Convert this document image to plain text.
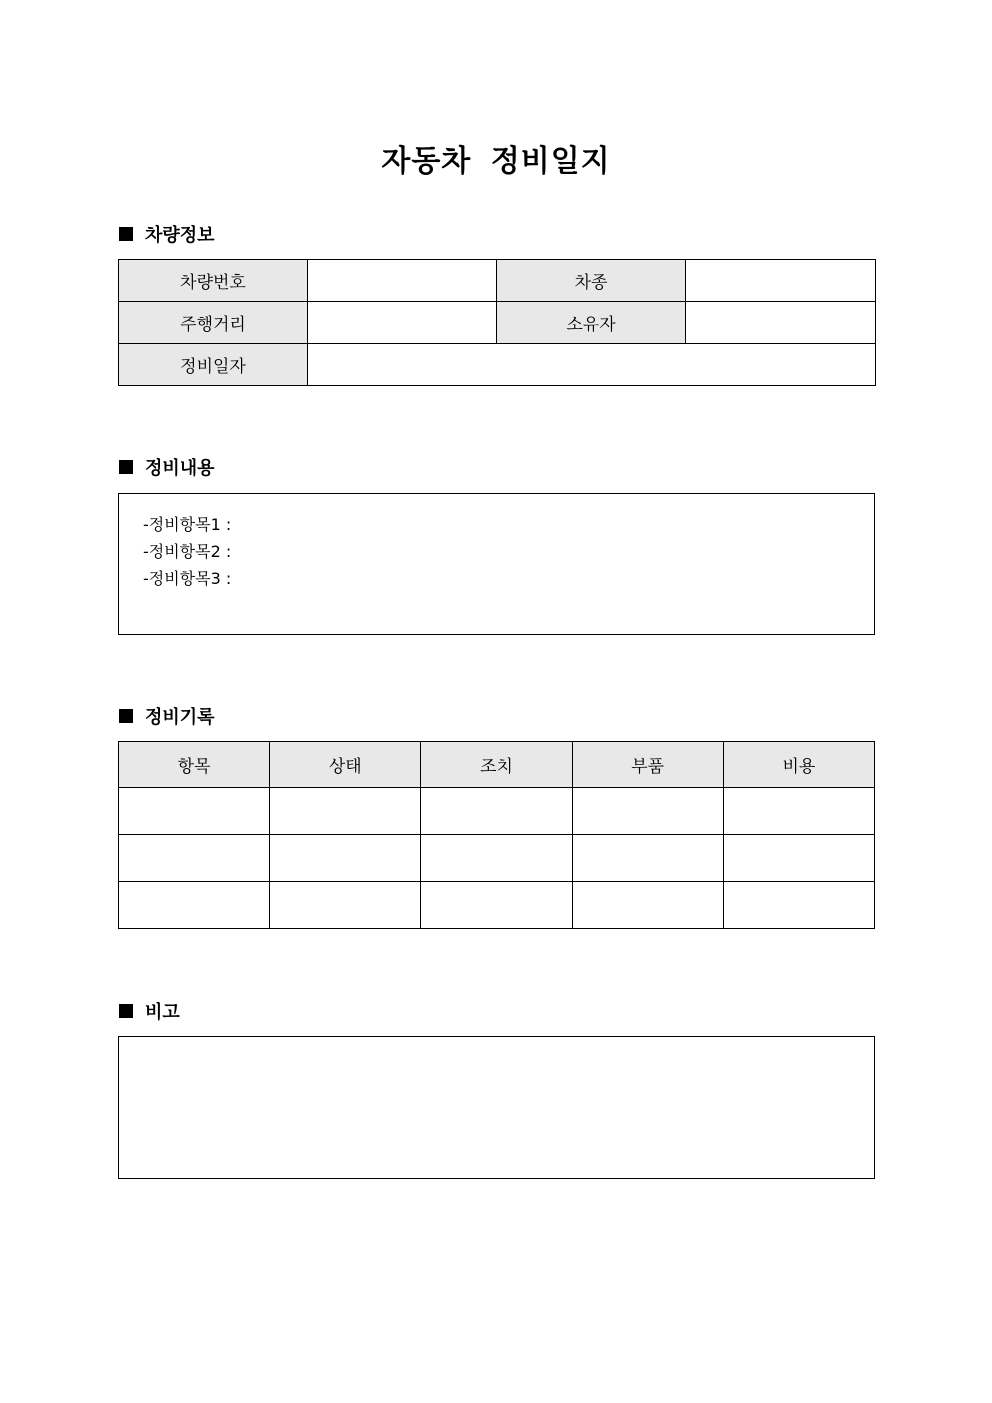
자동차 정비일지
차량정보
차량번호		차종	
주행거리		소유자	
정비일자			
정비내용
-정비항목1 :
-정비항목2 :
-정비항목3 :
정비기록
항목	상태	조치	부품	비용

비고
